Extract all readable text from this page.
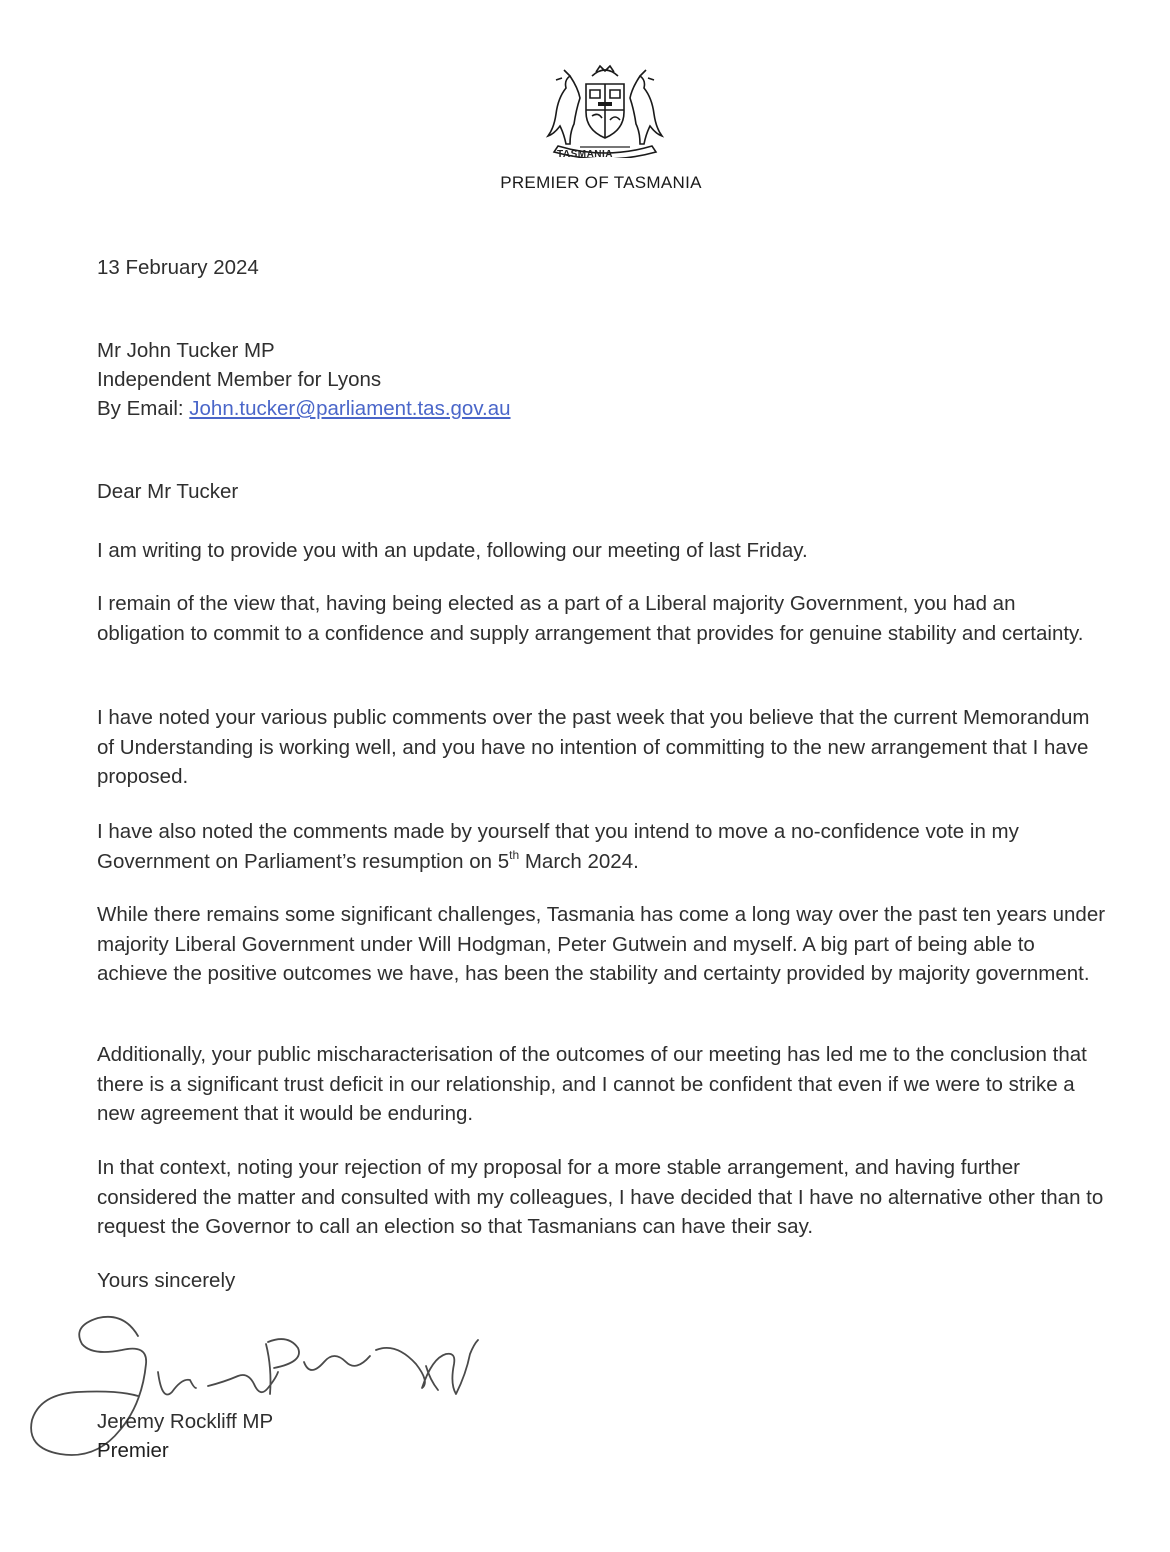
TASMANIA
PREMIER OF TASMANIA
13 February 2024
Mr John Tucker MP
Independent Member for Lyons
By Email: John.tucker@parliament.tas.gov.au
Dear Mr Tucker

I am writing to provide you with an update, following our meeting of last Friday.

I remain of the view that, having being elected as a part of a Liberal majority Government, you had an obligation to commit to a confidence and supply arrangement that provides for genuine stability and certainty.

I have noted your various public comments over the past week that you believe that the current Memorandum of Understanding is working well, and you have no intention of committing to the new arrangement that I have proposed.

I have also noted the comments made by yourself that you intend to move a no-confidence vote in my Government on Parliament’s resumption on 5th March 2024.

While there remains some significant challenges, Tasmania has come a long way over the past ten years under majority Liberal Government under Will Hodgman, Peter Gutwein and myself. A big part of being able to achieve the positive outcomes we have, has been the stability and certainty provided by majority government.

Additionally, your public mischaracterisation of the outcomes of our meeting has led me to the conclusion that there is a significant trust deficit in our relationship, and I cannot be confident that even if we were to strike a new agreement that it would be enduring.

In that context, noting your rejection of my proposal for a more stable arrangement, and having further considered the matter and consulted with my colleagues, I have decided that I have no alternative other than to request the Governor to call an election so that Tasmanians can have their say.

Yours sincerely
Jeremy Rockliff MP
Premier
